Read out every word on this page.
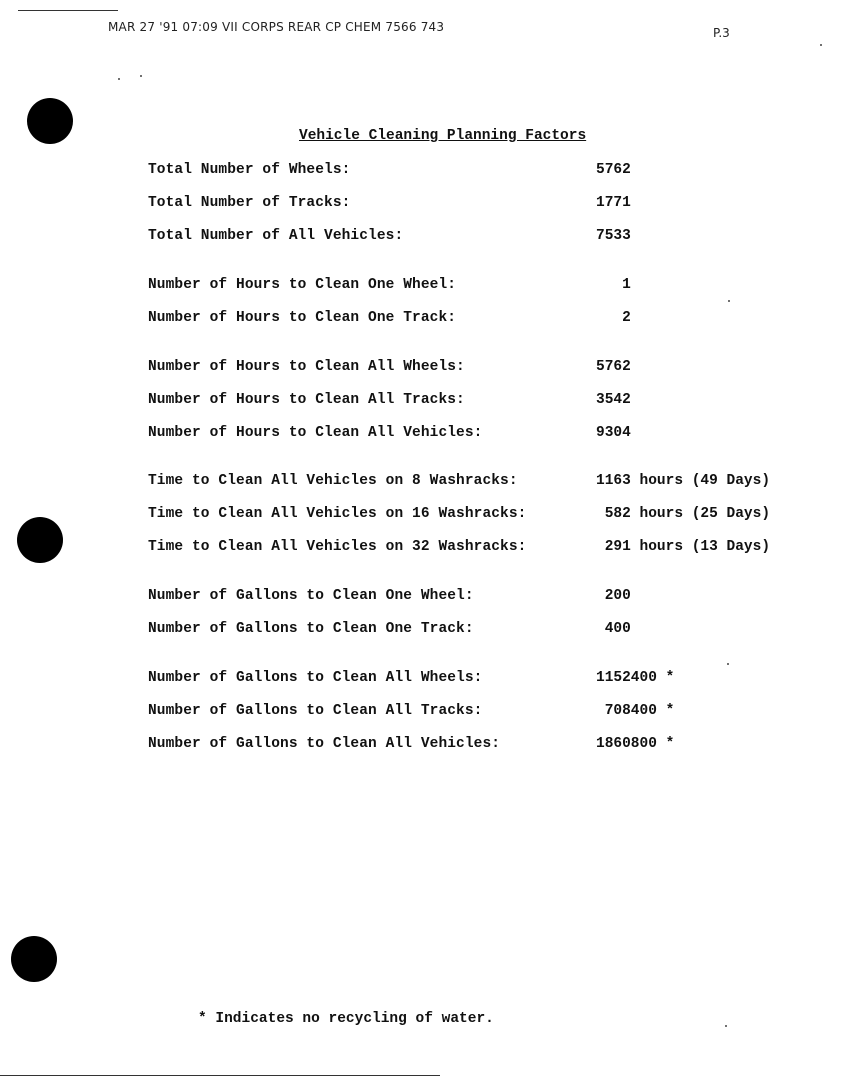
MAR 27 '91 07:09 VII CORPS REAR CP CHEM 7566 743	P.3
Vehicle Cleaning Planning Factors
Total Number of Wheels:	5762
Total Number of Tracks:	1771
Total Number of All Vehicles:	7533
Number of Hours to Clean One Wheel:	1
Number of Hours to Clean One Track:	2
Number of Hours to Clean All Wheels:	5762
Number of Hours to Clean All Tracks:	3542
Number of Hours to Clean All Vehicles:	9304
Time to Clean All Vehicles on 8 Washracks:	1163 hours (49 Days)
Time to Clean All Vehicles on 16 Washracks:	582 hours (25 Days)
Time to Clean All Vehicles on 32 Washracks:	291 hours (13 Days)
Number of Gallons to Clean One Wheel:	200
Number of Gallons to Clean One Track:	400
Number of Gallons to Clean All Wheels:	1152400 *
Number of Gallons to Clean All Tracks:	708400 *
Number of Gallons to Clean All Vehicles:	1860800 *
* Indicates no recycling of water.
